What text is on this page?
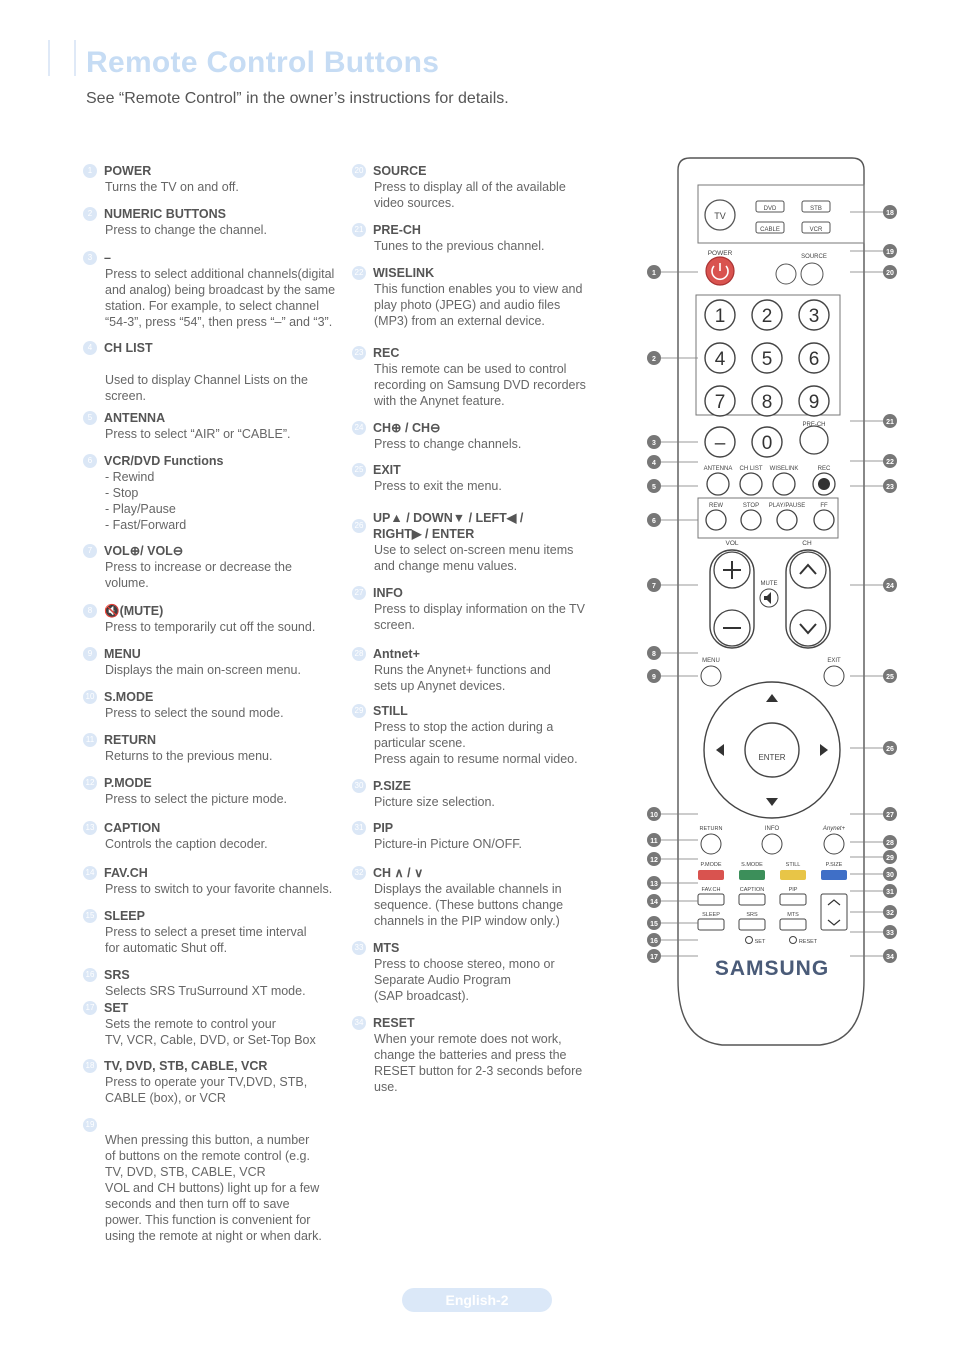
Remote Control Buttons
See “Remote Control” in the owner’s instructions for details.
1 POWER
Turns the TV on and off.
2 NUMERIC BUTTONS
Press to change the channel.
3 –
Press to select additional channels(digital
and analog) being broadcast by the same
station. For example, to select channel
“54-3”, press “54”, then press “–” and “3”.
4 CH LIST

Used to display Channel Lists on the
screen.
5 ANTENNA
Press to select “AIR” or “CABLE”.
6 VCR/DVD Functions
- Rewind
- Stop
- Play/Pause
- Fast/Forward
7 VOL⊕/ VOL⊖
Press to increase or decrease the
volume.
8 🔇(MUTE)
Press to temporarily cut off the sound.
9 MENU
Displays the main on-screen menu.
10 S.MODE
Press to select the sound mode.
11 RETURN
Returns to the previous menu.
12 P.MODE
Press to select the picture mode.
13 CAPTION
Controls the caption decoder.
14 FAV.CH
Press to switch to your favorite channels.
15 SLEEP
Press to select a preset time interval
for automatic Shut off.
16 SRS
Selects SRS TruSurround XT mode.
17 SET
Sets the remote to control your
TV, VCR, Cable, DVD, or Set-Top Box
18 TV, DVD, STB, CABLE, VCR
Press to operate your TV,DVD, STB,
CABLE (box), or VCR
19
When pressing this button, a number
of buttons on the remote control (e.g.
TV, DVD, STB, CABLE, VCR
VOL and CH buttons) light up for a few
seconds and then turn off to save
power. This function is convenient for
using the remote at night or when dark.
20 SOURCE
Press to display all of the available
video sources.
21 PRE-CH
Tunes to the previous channel.
22 WISELINK
This function enables you to view and
play photo (JPEG) and audio files
(MP3) from an external device.
23 REC
This remote can be used to control
recording on Samsung DVD recorders
with the Anynet feature.
24 CH⊕ / CH⊖
Press to change channels.
25 EXIT
Press to exit the menu.
26
UP▲ / DOWN▼ / LEFT◀ /
RIGHT▶ / ENTER
Use to select on-screen menu items
and change menu values.
27 INFO
Press to display information on the TV
screen.
28 Antnet+
Runs the Anynet+ functions and
sets up Anynet devices.
29 STILL
Press to stop the action during a
particular scene.
Press again to resume normal video.
30 P.SIZE
Picture size selection.
31 PIP
Picture-in Picture ON/OFF.
32 CH ∧ / ∨
Displays the available channels in
sequence. (These buttons change
channels in the PIP window only.)
33 MTS
Press to choose stereo, mono or
Separate Audio Program
(SAP broadcast).
34 RESET
When your remote does not work,
change the batteries and press the
RESET button for 2-3 seconds before
use.
TV
DVD	STB
CABLE	VCR
POWER	SOURCE
1 2 3
4 5 6
7 8 9
– 0
PRE-CH
ANTENNA CH LIST WISELINK	REC
REW	STOP PLAY/PAUSE	FF
VOL	CH
MUTE
MENU	EXIT
ENTER
RETURN	INFO	Anynet+
P.MODE	S.MODE	STILL	P.SIZE
FAV.CH	CAPTION	PIP
SLEEP	SRS	MTS
SET	RESET
SAMSUNG
1
2
3
4
5
6
7
8
9
10
11
12
13
14
15
16
17
18
19
20
21
22
23
24
25
26
27
28
29
30
31
32
33
34
English-2
